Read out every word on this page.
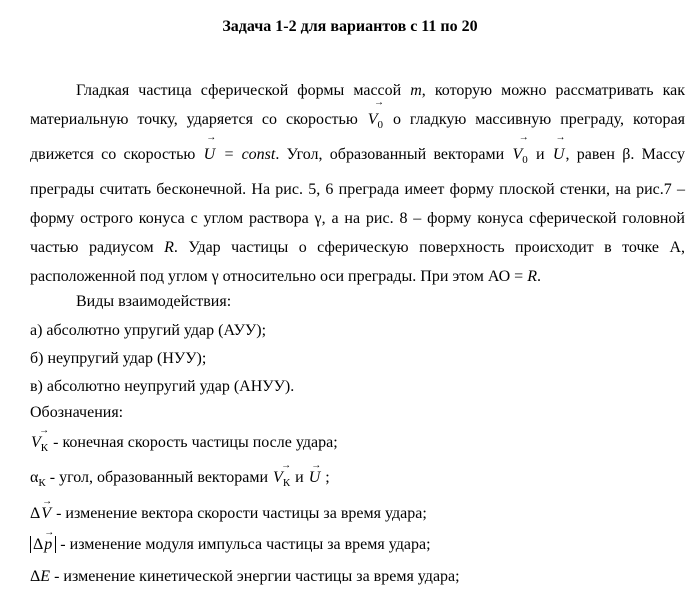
Задача 1-2 для вариантов с 11 по 20
Гладкая частица сферической формы массой m, которую можно рассматривать как материальную точку, ударяется со скоростью
→
$V_0$ о гладкую массивную преграду, которая движется со скоростью
→
U = const. Угол, образованный векторами
→
$V_0$ и
→
U, равен β. Массу преграды считать бесконечной. На рис. 5, 6 преграда имеет форму плоской стенки, на рис.7 – форму острого конуса с углом раствора γ, а на рис. 8 – форму конуса сферической головной частью радиусом R. Удар частицы о сферическую поверхность происходит в точке А, расположенной под углом γ относительно оси преграды. При этом АО = R.
Виды взаимодействия:
а) абсолютно упругий удар (АУУ);
б) неупругий удар (НУУ);
в) абсолютно неупругий удар (АНУУ).
Обозначения:
→
$V_К$ - конечная скорость частицы после удара;
$\alpha_К$ - угол, образованный векторами
→
$V_К$ и
→
U ;
Δ
→
V - изменение вектора скорости частицы за время удара;
Δ
→
p - изменение модуля импульса частицы за время удара;
ΔE - изменение кинетической энергии частицы за время удара;
